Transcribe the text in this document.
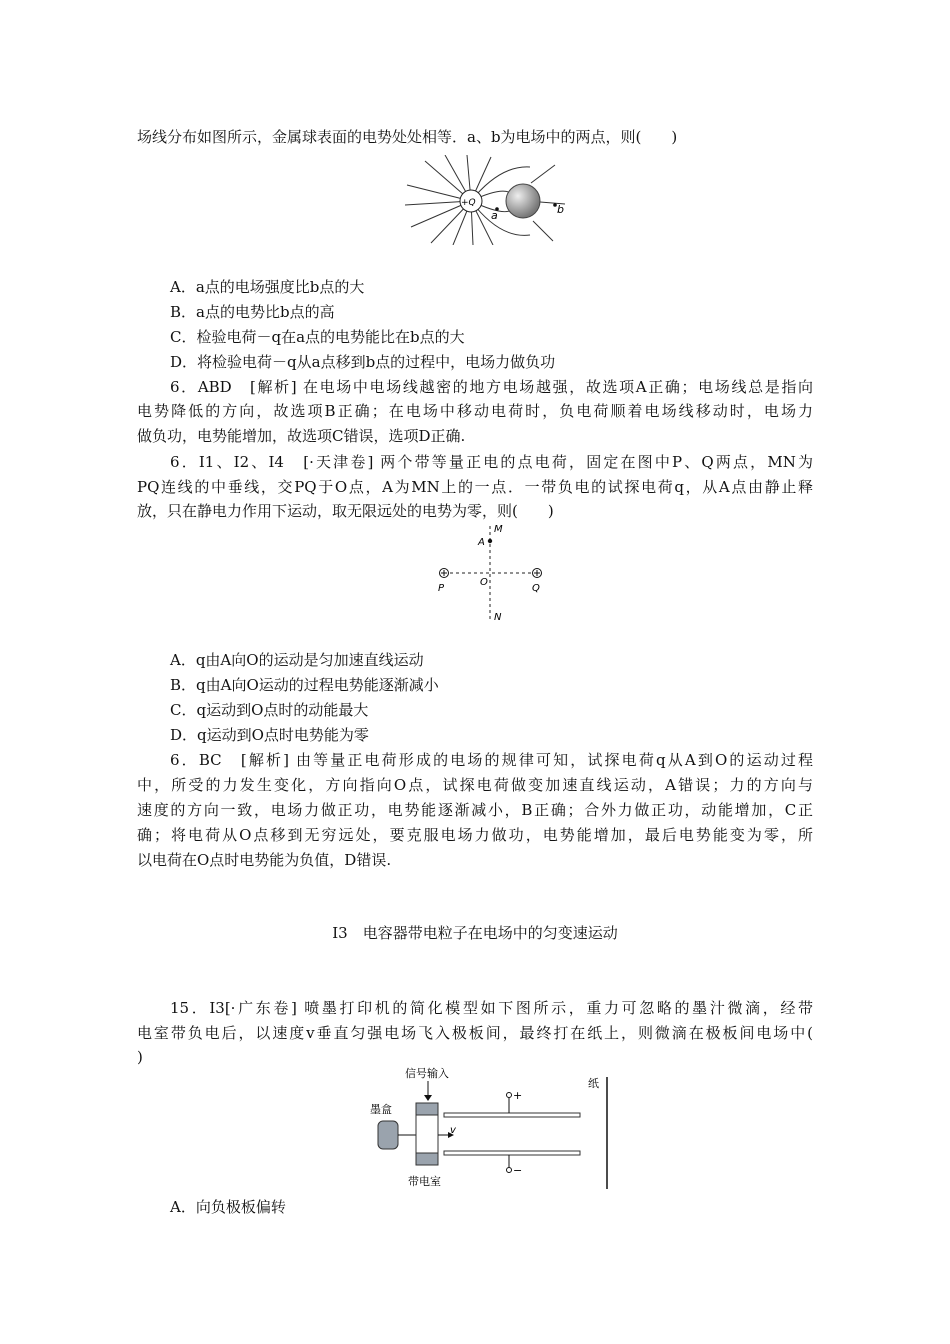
场线分布如图所示，金属球表面的电势处处相等．a、b为电场中的两点，则(　　)
+Q
a	b
A．a点的电场强度比b点的大
B．a点的电势比b点的高
C．检验电荷－q在a点的电势能比在b点的大
D．将检验电荷－q从a点移到b点的过程中，电场力做负功
6．ABD　[解析] 在电场中电场线越密的地方电场越强，故选项A正确；电场线总是指向
电势降低的方向，故选项B正确；在电场中移动电荷时，负电荷顺着电场线移动时，电场力
做负功，电势能增加，故选项C错误，选项D正确.
6．I1、I2、I4　[·天津卷] 两个带等量正电的点电荷，固定在图中P、Q两点，MN为
PQ连线的中垂线，交PQ于O点，A为MN上的一点．一带负电的试探电荷q，从A点由静止释
放，只在静电力作用下运动，取无限远处的电势为零，则(　　)
M
A
O
P	Q
N
A．q由A向O的运动是匀加速直线运动
B．q由A向O运动的过程电势能逐渐减小
C．q运动到O点时的动能最大
D．q运动到O点时电势能为零
6．BC　[解析] 由等量正电荷形成的电场的规律可知，试探电荷q从A到O的运动过程
中，所受的力发生变化，方向指向O点，试探电荷做变加速直线运动，A错误；力的方向与
速度的方向一致，电场力做正功，电势能逐渐减小，B正确；合外力做正功，动能增加，C正
确；将电荷从O点移到无穷远处，要克服电场力做功，电势能增加，最后电势能变为零，所
以电荷在O点时电势能为负值，D错误.
I3　电容器带电粒子在电场中的匀变速运动
15．I3[·广东卷] 喷墨打印机的简化模型如下图所示，重力可忽略的墨汁微滴，经带
电室带负电后，以速度v垂直匀强电场飞入极板间，最终打在纸上，则微滴在极板间电场中(
)
信号输入
墨盒
v
带电室
+
−
纸
A．向负极板偏转
